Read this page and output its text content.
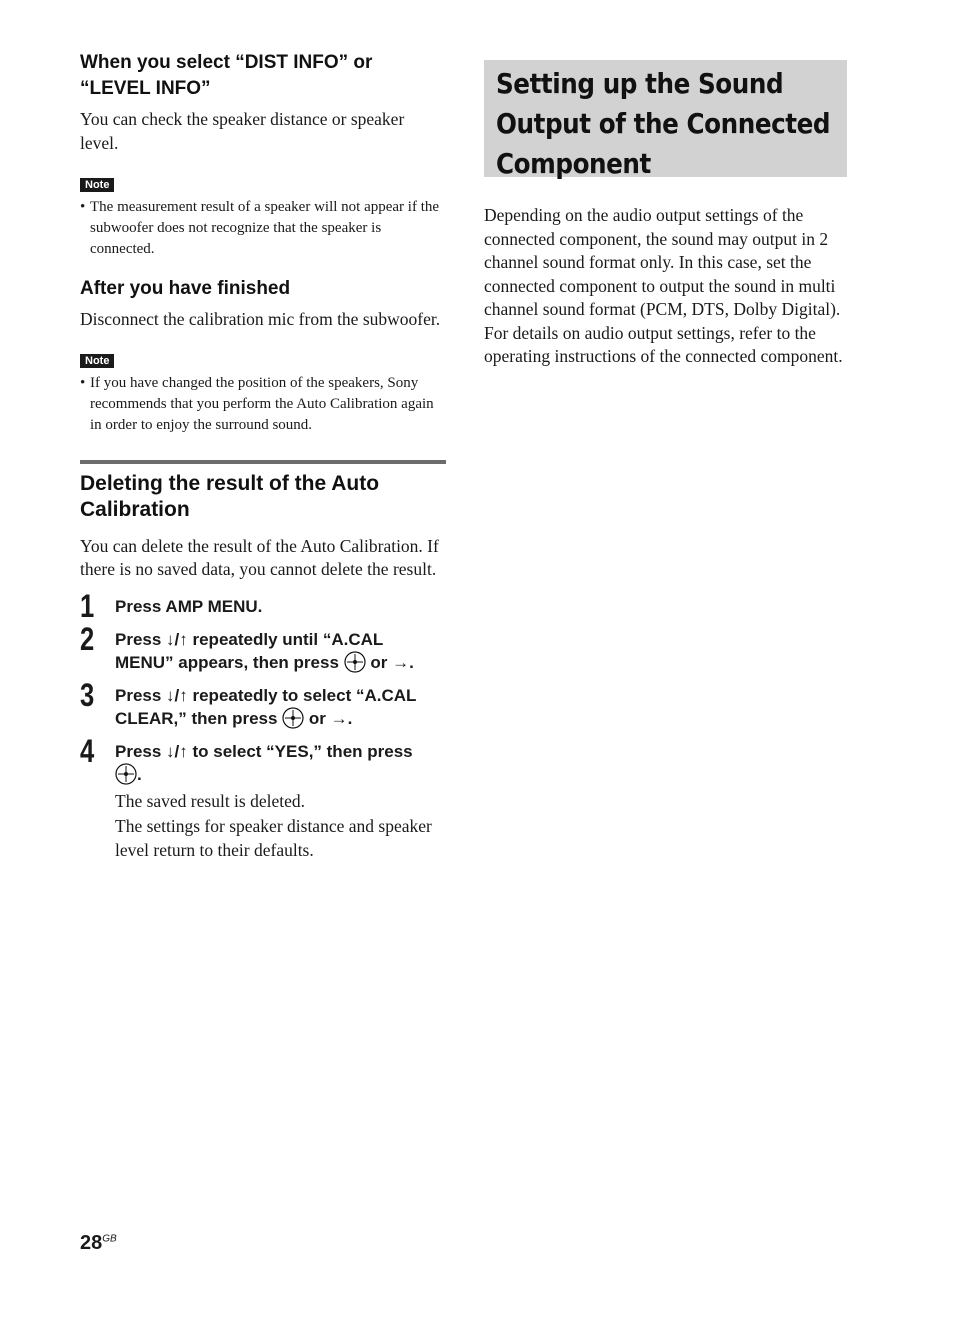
When you select “DIST INFO” or “LEVEL INFO”

You can check the speaker distance or speaker level.

Note
• The measurement result of a speaker will not appear if the subwoofer does not recognize that the speaker is connected.
After you have finished

Disconnect the calibration mic from the subwoofer.

Note
• If you have changed the position of the speakers, Sony recommends that you perform the Auto Calibration again in order to enjoy the surround sound.
Deleting the result of the Auto Calibration

You can delete the result of the Auto Calibration. If there is no saved data, you cannot delete the result.

1 Press AMP MENU.

2 Press ↓/↑ repeatedly until “A.CAL MENU” appears, then press  or →.

3 Press ↓/↑ repeatedly to select “A.CAL CLEAR,” then press  or →.

4 Press ↓/↑ to select “YES,” then press
.

The saved result is deleted.

The settings for speaker distance and speaker level return to their defaults.

Setting up the Sound Output of the Connected Component

Depending on the audio output settings of the connected component, the sound may output in 2 channel sound format only. In this case, set the connected component to output the sound in multi channel sound format (PCM, DTS, Dolby Digital). For details on audio output settings, refer to the operating instructions of the connected component.

$28^{GB}$
